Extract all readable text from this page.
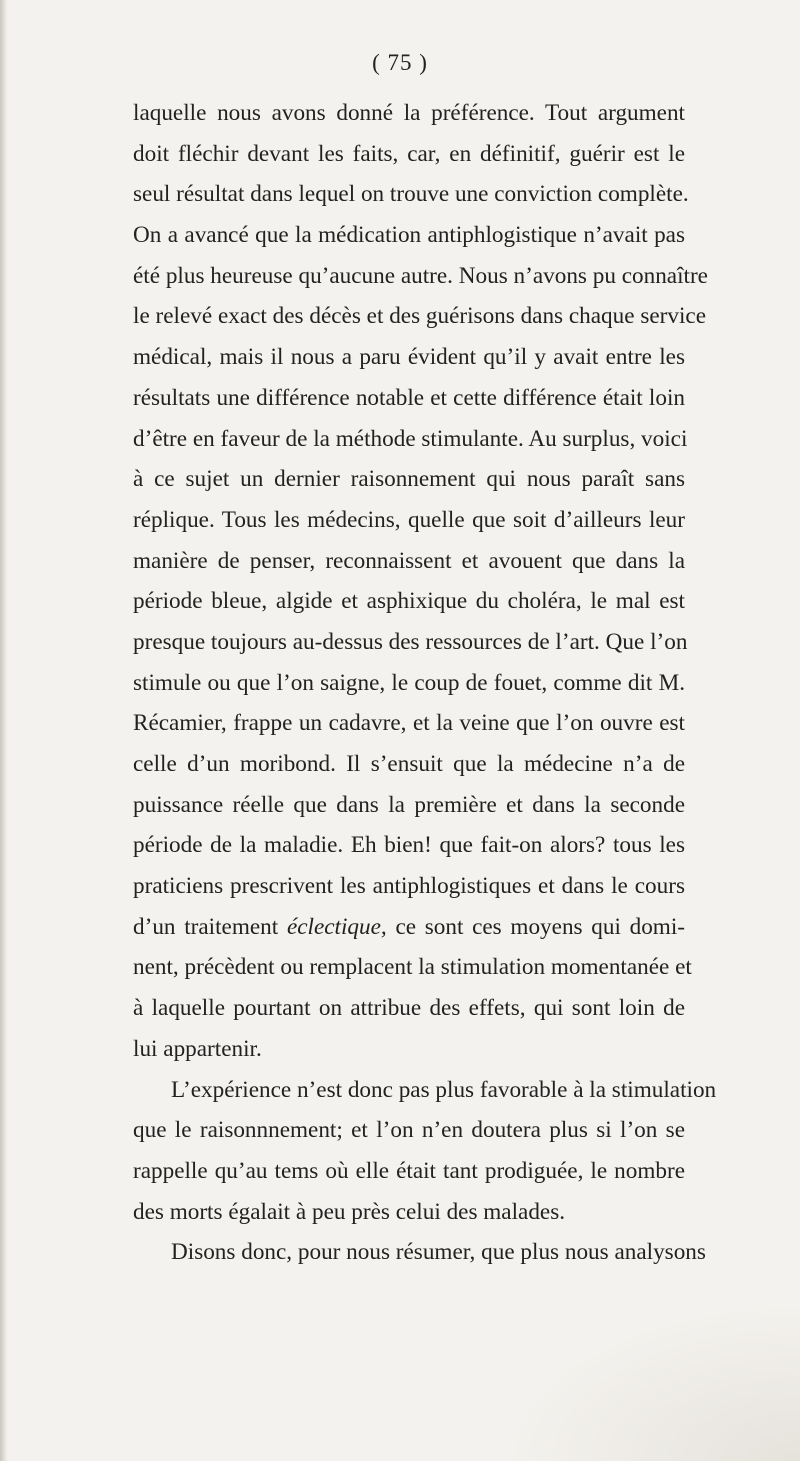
( 75 )
laquelle nous avons donné la préférence. Tout argument
doit fléchir devant les faits, car, en définitif, guérir est le
seul résultat dans lequel on trouve une conviction complète.
On a avancé que la médication antiphlogistique n’avait pas
été plus heureuse qu’aucune autre. Nous n’avons pu connaître
le relevé exact des décès et des guérisons dans chaque service
médical, mais il nous a paru évident qu’il y avait entre les
résultats une différence notable et cette différence était loin
d’être en faveur de la méthode stimulante. Au surplus, voici
à ce sujet un dernier raisonnement qui nous paraît sans
réplique. Tous les médecins, quelle que soit d’ailleurs leur
manière de penser, reconnaissent et avouent que dans la
période bleue, algide et asphixique du choléra, le mal est
presque toujours au-dessus des ressources de l’art. Que l’on
stimule ou que l’on saigne, le coup de fouet, comme dit M.
Récamier, frappe un cadavre, et la veine que l’on ouvre est
celle d’un moribond. Il s’ensuit que la médecine n’a de
puissance réelle que dans la première et dans la seconde
période de la maladie. Eh bien! que fait-on alors? tous les
praticiens prescrivent les antiphlogistiques et dans le cours
d’un traitement éclectique, ce sont ces moyens qui domi-
nent, précèdent ou remplacent la stimulation momentanée et
à laquelle pourtant on attribue des effets, qui sont loin de
lui appartenir.
L’expérience n’est donc pas plus favorable à la stimulation
que le raisonnnement; et l’on n’en doutera plus si l’on se
rappelle qu’au tems où elle était tant prodiguée, le nombre
des morts égalait à peu près celui des malades.
Disons donc, pour nous résumer, que plus nous analysons
